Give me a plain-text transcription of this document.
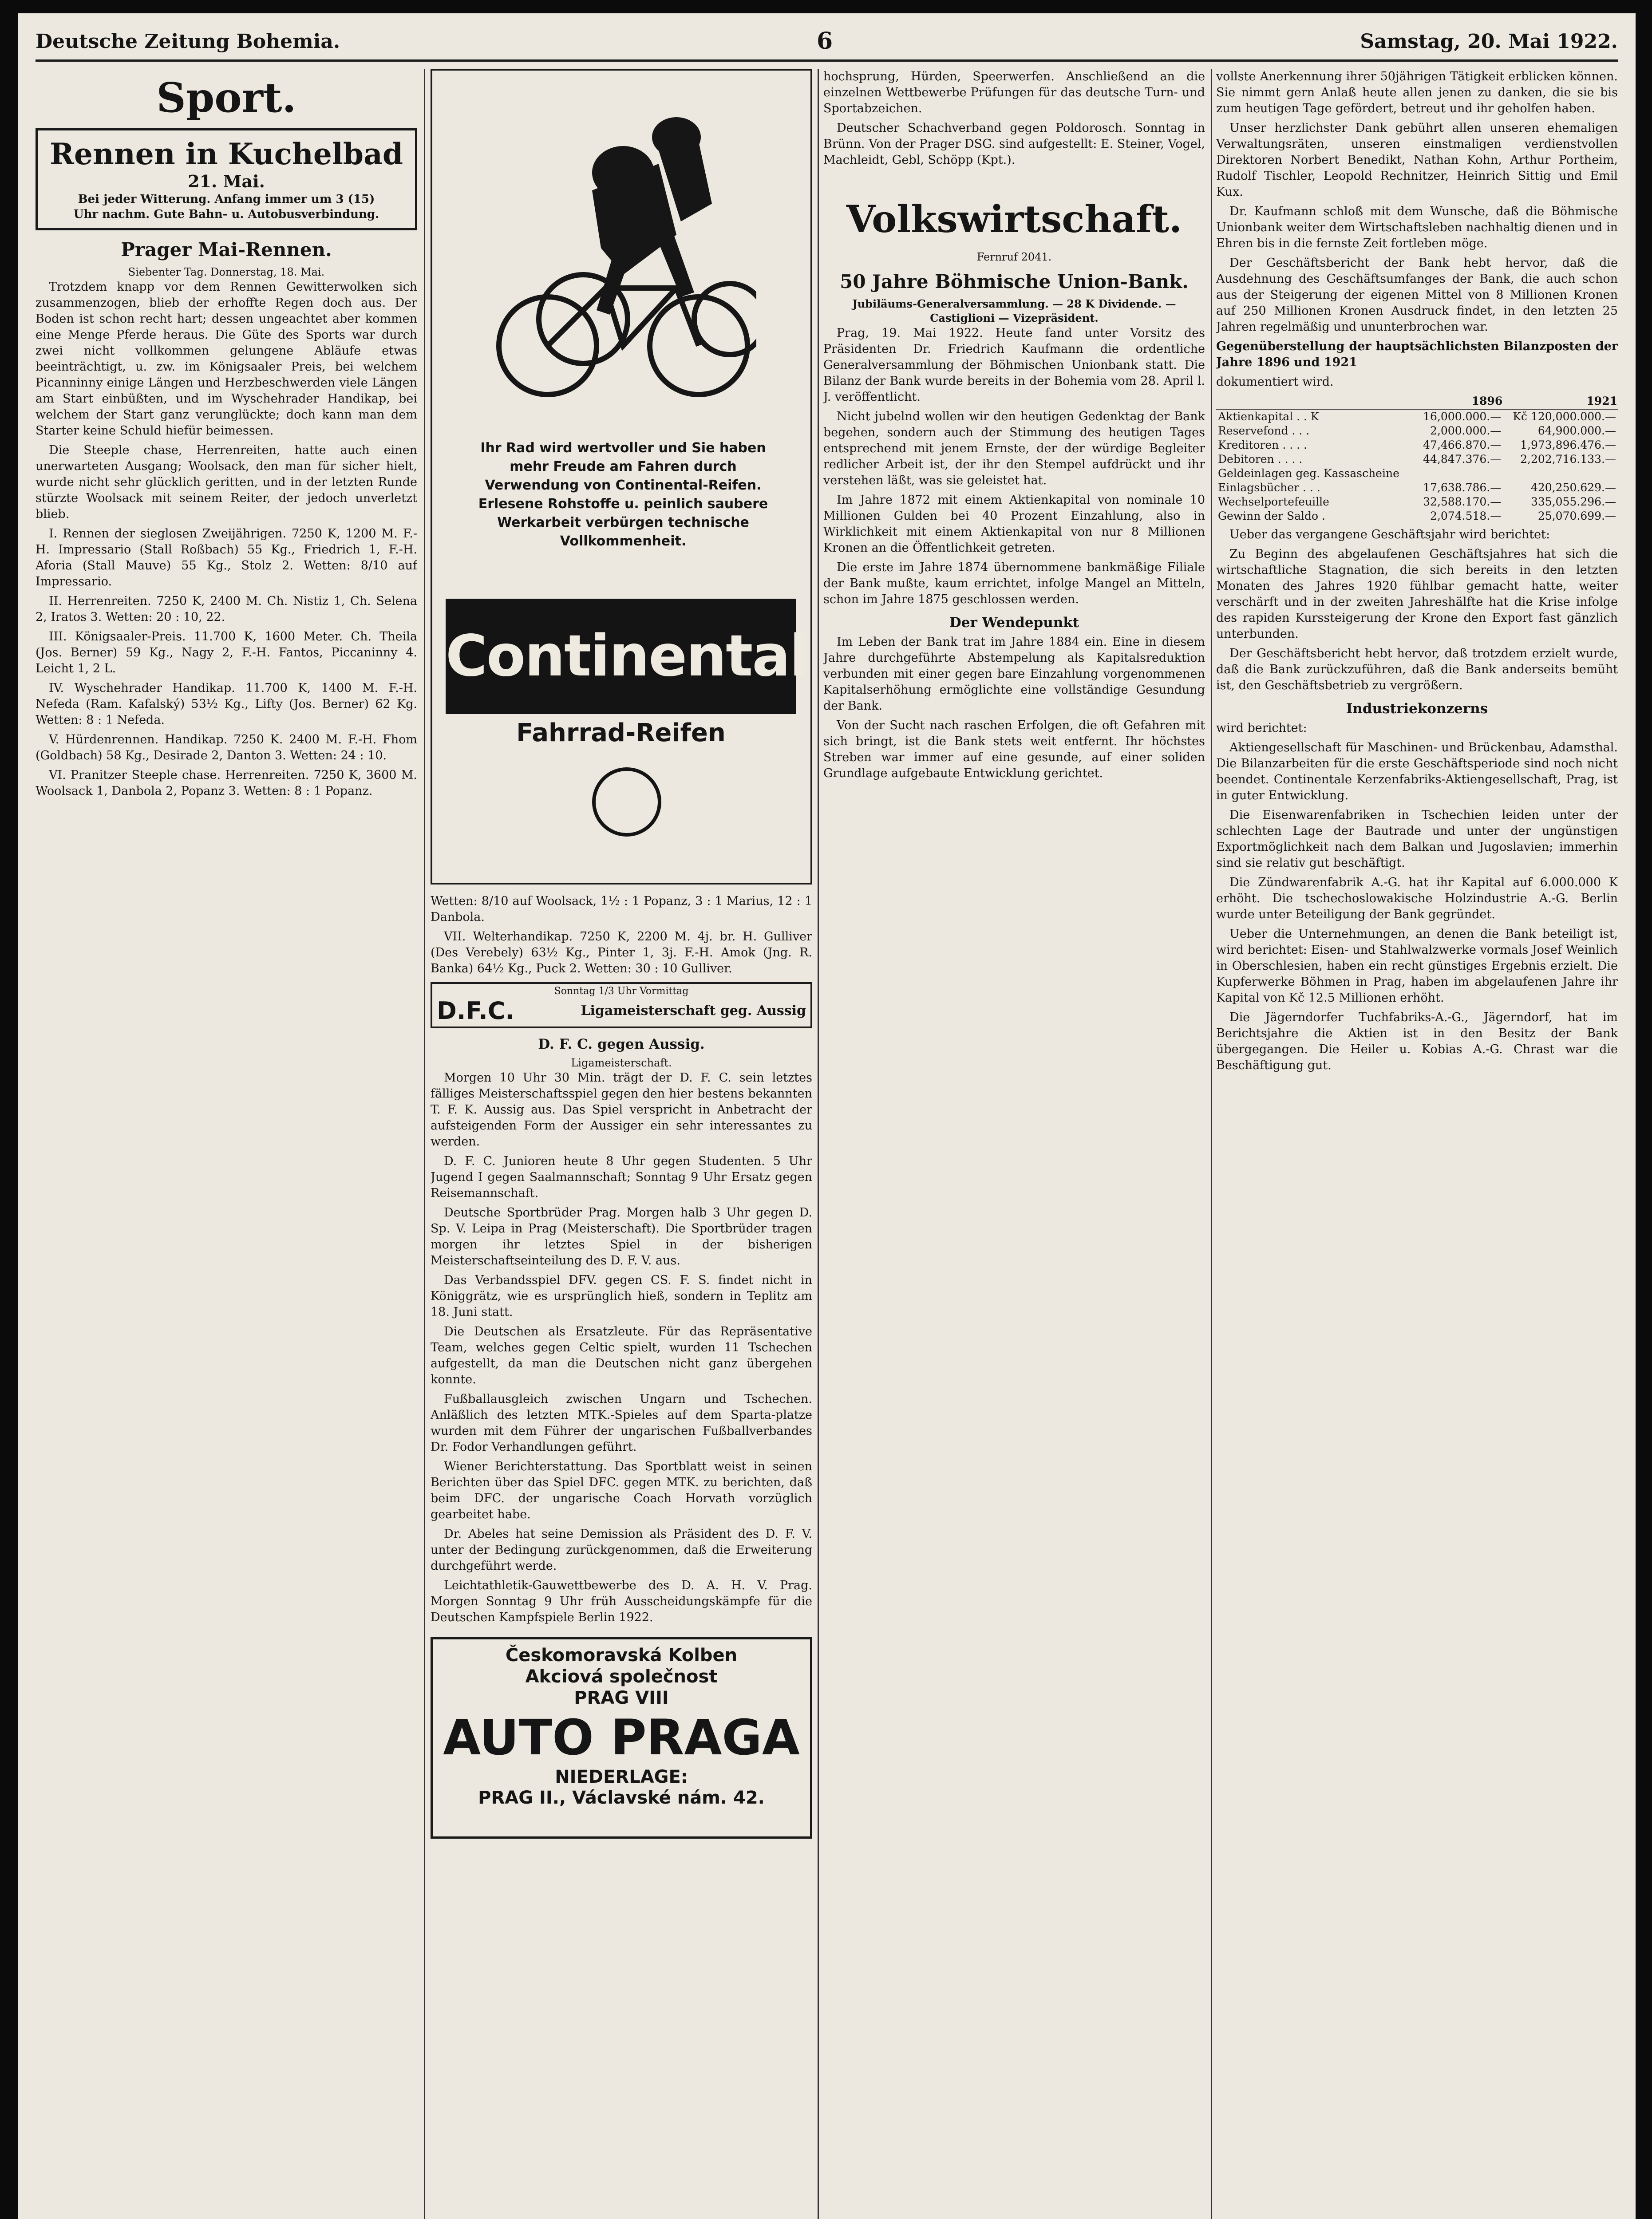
Deutsche Zeitung Bohemia.	6	Samstag, 20. Mai 1922.
Sport.
Rennen in Kuchelbad
21. Mai.
Bei jeder Witterung. Anfang immer um 3 (15)
Uhr nachm. Gute Bahn- u. Autobusverbindung.
Prager Mai-Rennen.
Siebenter Tag. Donnerstag, 18. Mai.

Trotzdem knapp vor dem Rennen Gewitterwolken sich zusammenzogen, blieb der erhoffte Regen doch aus. Der Boden ist schon recht hart; dessen ungeachtet aber kommen eine Menge Pferde heraus. Die Güte des Sports war durch zwei nicht vollkommen gelungene Abläufe etwas beeinträchtigt, u. zw. im Königsaaler Preis, bei welchem Picanninny einige Längen und Herzbeschwerden viele Längen am Start einbüßten, und im Wyschehrader Handikap, bei welchem der Start ganz verunglückte; doch kann man dem Starter keine Schuld hiefür beimessen.

Die Steeple chase, Herrenreiten, hatte auch einen unerwarteten Ausgang; Woolsack, den man für sicher hielt, wurde nicht sehr glücklich geritten, und in der letzten Runde stürzte Woolsack mit seinem Reiter, der jedoch unverletzt blieb.

I. Rennen der sieglosen Zweijährigen. 7250 K, 1200 M. F.-H. Impressario (Stall Roßbach) 55 Kg., Friedrich 1, F.-H. Aforia (Stall Mauve) 55 Kg., Stolz 2. Wetten: 8/10 auf Impressario.

II. Herrenreiten. 7250 K, 2400 M. Ch. Nistiz 1, Ch. Selena 2, Iratos 3. Wetten: 20 : 10, 22.

III. Königsaaler-Preis. 11.700 K, 1600 Meter. Ch. Theila (Jos. Berner) 59 Kg., Nagy 2, F.-H. Fantos, Piccaninny 4. Leicht 1, 2 L.

IV. Wyschehrader Handikap. 11.700 K, 1400 M. F.-H. Nefeda (Ram. Kafalský) 53½ Kg., Lifty (Jos. Berner) 62 Kg. Wetten: 8 : 1 Nefeda.

V. Hürdenrennen. Handikap. 7250 K. 2400 M. F.-H. Fhom (Goldbach) 58 Kg., Desirade 2, Danton 3. Wetten: 24 : 10.

VI. Pranitzer Steeple chase. Herrenreiten. 7250 K, 3600 M. Woolsack 1, Danbola 2, Popanz 3. Wetten: 8 : 1 Popanz.

Ihr Rad wird wertvoller und Sie haben mehr Freude am Fahren durch Verwendung von Continental-Reifen. Erlesene Rohstoffe u. peinlich saubere Werkarbeit verbürgen technische Vollkommenheit.
Continental
Fahrrad-Reifen

Wetten: 8/10 auf Woolsack, 1½ : 1 Popanz, 3 : 1 Marius, 12 : 1 Danbola.

VII. Welterhandikap. 7250 K, 2200 M. 4j. br. H. Gulliver (Des Verebely) 63½ Kg., Pinter 1, 3j. F.-H. Amok (Jng. R. Banka) 64½ Kg., Puck 2. Wetten: 30 : 10 Gulliver.

Sonntag 1/3 Uhr Vormittag
D.F.C.	Ligameisterschaft geg. Aussig
D. F. C. gegen Aussig.
Ligameisterschaft.

Morgen 10 Uhr 30 Min. trägt der D. F. C. sein letztes fälliges Meisterschaftsspiel gegen den hier bestens bekannten T. F. K. Aussig aus. Das Spiel verspricht in Anbetracht der aufsteigenden Form der Aussiger ein sehr interessantes zu werden.

D. F. C. Junioren heute 8 Uhr gegen Studenten. 5 Uhr Jugend I gegen Saalmannschaft; Sonntag 9 Uhr Ersatz gegen Reisemannschaft.

Deutsche Sportbrüder Prag. Morgen halb 3 Uhr gegen D. Sp. V. Leipa in Prag (Meisterschaft). Die Sportbrüder tragen morgen ihr letztes Spiel in der bisherigen Meisterschaftseinteilung des D. F. V. aus.

Das Verbandsspiel DFV. gegen CS. F. S. findet nicht in Königgrätz, wie es ursprünglich hieß, sondern in Teplitz am 18. Juni statt.

Die Deutschen als Ersatzleute. Für das Repräsentative Team, welches gegen Celtic spielt, wurden 11 Tschechen aufgestellt, da man die Deutschen nicht ganz übergehen konnte.

Fußballausgleich zwischen Ungarn und Tschechen. Anläßlich des letzten MTK.-Spieles auf dem Sparta-platze wurden mit dem Führer der ungarischen Fußballverbandes Dr. Fodor Verhandlungen geführt.

Wiener Berichterstattung. Das Sportblatt weist in seinen Berichten über das Spiel DFC. gegen MTK. zu berichten, daß beim DFC. der ungarische Coach Horvath vorzüglich gearbeitet habe.

Dr. Abeles hat seine Demission als Präsident des D. F. V. unter der Bedingung zurückgenommen, daß die Erweiterung durchgeführt werde.

Leichtathletik-Gauwettbewerbe des D. A. H. V. Prag. Morgen Sonntag 9 Uhr früh Ausscheidungskämpfe für die Deutschen Kampfspiele Berlin 1922.

Českomoravská Kolben
Akciová společnost
PRAG VIII
AUTO PRAGA
NIEDERLAGE:
PRAG II., Václavské nám. 42.

hochsprung, Hürden, Speerwerfen. Anschließend an die einzelnen Wettbewerbe Prüfungen für das deutsche Turn- und Sportabzeichen.

Deutscher Schachverband gegen Poldorosch. Sonntag in Brünn. Von der Prager DSG. sind aufgestellt: E. Steiner, Vogel, Machleidt, Gebl, Schöpp (Kpt.).

Volkswirtschaft.
Fernruf 2041.
50 Jahre Böhmische Union-Bank.
Jubiläums-Generalversammlung. — 28 K Dividende. — Castiglioni — Vizepräsident.

Prag, 19. Mai 1922. Heute fand unter Vorsitz des Präsidenten Dr. Friedrich Kaufmann die ordentliche Generalversammlung der Böhmischen Unionbank statt. Die Bilanz der Bank wurde bereits in der Bohemia vom 28. April l. J. veröffentlicht.

Nicht jubelnd wollen wir den heutigen Gedenktag der Bank begehen, sondern auch der Stimmung des heutigen Tages entsprechend mit jenem Ernste, der der würdige Begleiter redlicher Arbeit ist, der ihr den Stempel aufdrückt und ihr verstehen läßt, was sie geleistet hat.

Im Jahre 1872 mit einem Aktienkapital von nominale 10 Millionen Gulden bei 40 Prozent Einzahlung, also in Wirklichkeit mit einem Aktienkapital von nur 8 Millionen Kronen an die Öffentlichkeit getreten.

Die erste im Jahre 1874 übernommene bankmäßige Filiale der Bank mußte, kaum errichtet, infolge Mangel an Mitteln, schon im Jahre 1875 geschlossen werden.

Der Wendepunkt

Im Leben der Bank trat im Jahre 1884 ein. Eine in diesem Jahre durchgeführte Abstempelung als Kapitalsreduktion verbunden mit einer gegen bare Einzahlung vorgenommenen Kapitalserhöhung ermöglichte eine vollständige Gesundung der Bank.

Von der Sucht nach raschen Erfolgen, die oft Gefahren mit sich bringt, ist die Bank stets weit entfernt. Ihr höchstes Streben war immer auf eine gesunde, auf einer soliden Grundlage aufgebaute Entwicklung gerichtet.

vollste Anerkennung ihrer 50jährigen Tätigkeit erblicken können. Sie nimmt gern Anlaß heute allen jenen zu danken, die sie bis zum heutigen Tage gefördert, betreut und ihr geholfen haben.

Unser herzlichster Dank gebührt allen unseren ehemaligen Verwaltungsräten, unseren einstmaligen verdienstvollen Direktoren Norbert Benedikt, Nathan Kohn, Arthur Portheim, Rudolf Tischler, Leopold Rechnitzer, Heinrich Sittig und Emil Kux.

Dr. Kaufmann schloß mit dem Wunsche, daß die Böhmische Unionbank weiter dem Wirtschaftsleben nachhaltig dienen und in Ehren bis in die fernste Zeit fortleben möge.

Der Geschäftsbericht der Bank hebt hervor, daß die Ausdehnung des Geschäftsumfanges der Bank, die auch schon aus der Steigerung der eigenen Mittel von 8 Millionen Kronen auf 250 Millionen Kronen Ausdruck findet, in den letzten 25 Jahren regelmäßig und ununterbrochen war.

Gegenüberstellung der hauptsächlichsten Bilanzposten der Jahre 1896 und 1921

dokumentiert wird.

	1896	1921
Aktienkapital . . K	16,000.000.—	Kč 120,000.000.—
Reservefond . . .	2,000.000.—	64,900.000.—
Kreditoren . . . .	47,466.870.—	1,973,896.476.—
Debitoren . . . .	44,847.376.—	2,202,716.133.—
Geldeinlagen geg. Kassascheine		
Einlagsbücher . . .	17,638.786.—	420,250.629.—
Wechselportefeuille	32,588.170.—	335,055.296.—
Gewinn der Saldo .	2,074.518.—	25,070.699.—

Ueber das vergangene Geschäftsjahr wird berichtet:

Zu Beginn des abgelaufenen Geschäftsjahres hat sich die wirtschaftliche Stagnation, die sich bereits in den letzten Monaten des Jahres 1920 fühlbar gemacht hatte, weiter verschärft und in der zweiten Jahreshälfte hat die Krise infolge des rapiden Kurssteigerung der Krone den Export fast gänzlich unterbunden.

Der Geschäftsbericht hebt hervor, daß trotzdem erzielt wurde, daß die Bank zurückzuführen, daß die Bank anderseits bemüht ist, den Geschäftsbetrieb zu vergrößern.

Industriekonzerns

wird berichtet:

Aktiengesellschaft für Maschinen- und Brückenbau, Adamsthal. Die Bilanzarbeiten für die erste Geschäftsperiode sind noch nicht beendet. Continentale Kerzenfabriks-Aktiengesellschaft, Prag, ist in guter Entwicklung.

Die Eisenwarenfabriken in Tschechien leiden unter der schlechten Lage der Bautrade und unter der ungünstigen Exportmöglichkeit nach dem Balkan und Jugoslavien; immerhin sind sie relativ gut beschäftigt.

Die Zündwarenfabrik A.-G. hat ihr Kapital auf 6.000.000 K erhöht. Die tschechoslowakische Holzindustrie A.-G. Berlin wurde unter Beteiligung der Bank gegründet.

Ueber die Unternehmungen, an denen die Bank beteiligt ist, wird berichtet: Eisen- und Stahlwalzwerke vormals Josef Weinlich in Oberschlesien, haben ein recht günstiges Ergebnis erzielt. Die Kupferwerke Böhmen in Prag, haben im abgelaufenen Jahre ihr Kapital von Kč 12.5 Millionen erhöht.

Die Jägerndorfer Tuchfabriks-A.-G., Jägerndorf, hat im Berichtsjahre die Aktien ist in den Besitz der Bank übergegangen. Die Heiler u. Kobias A.-G. Chrast war die Beschäftigung gut.
